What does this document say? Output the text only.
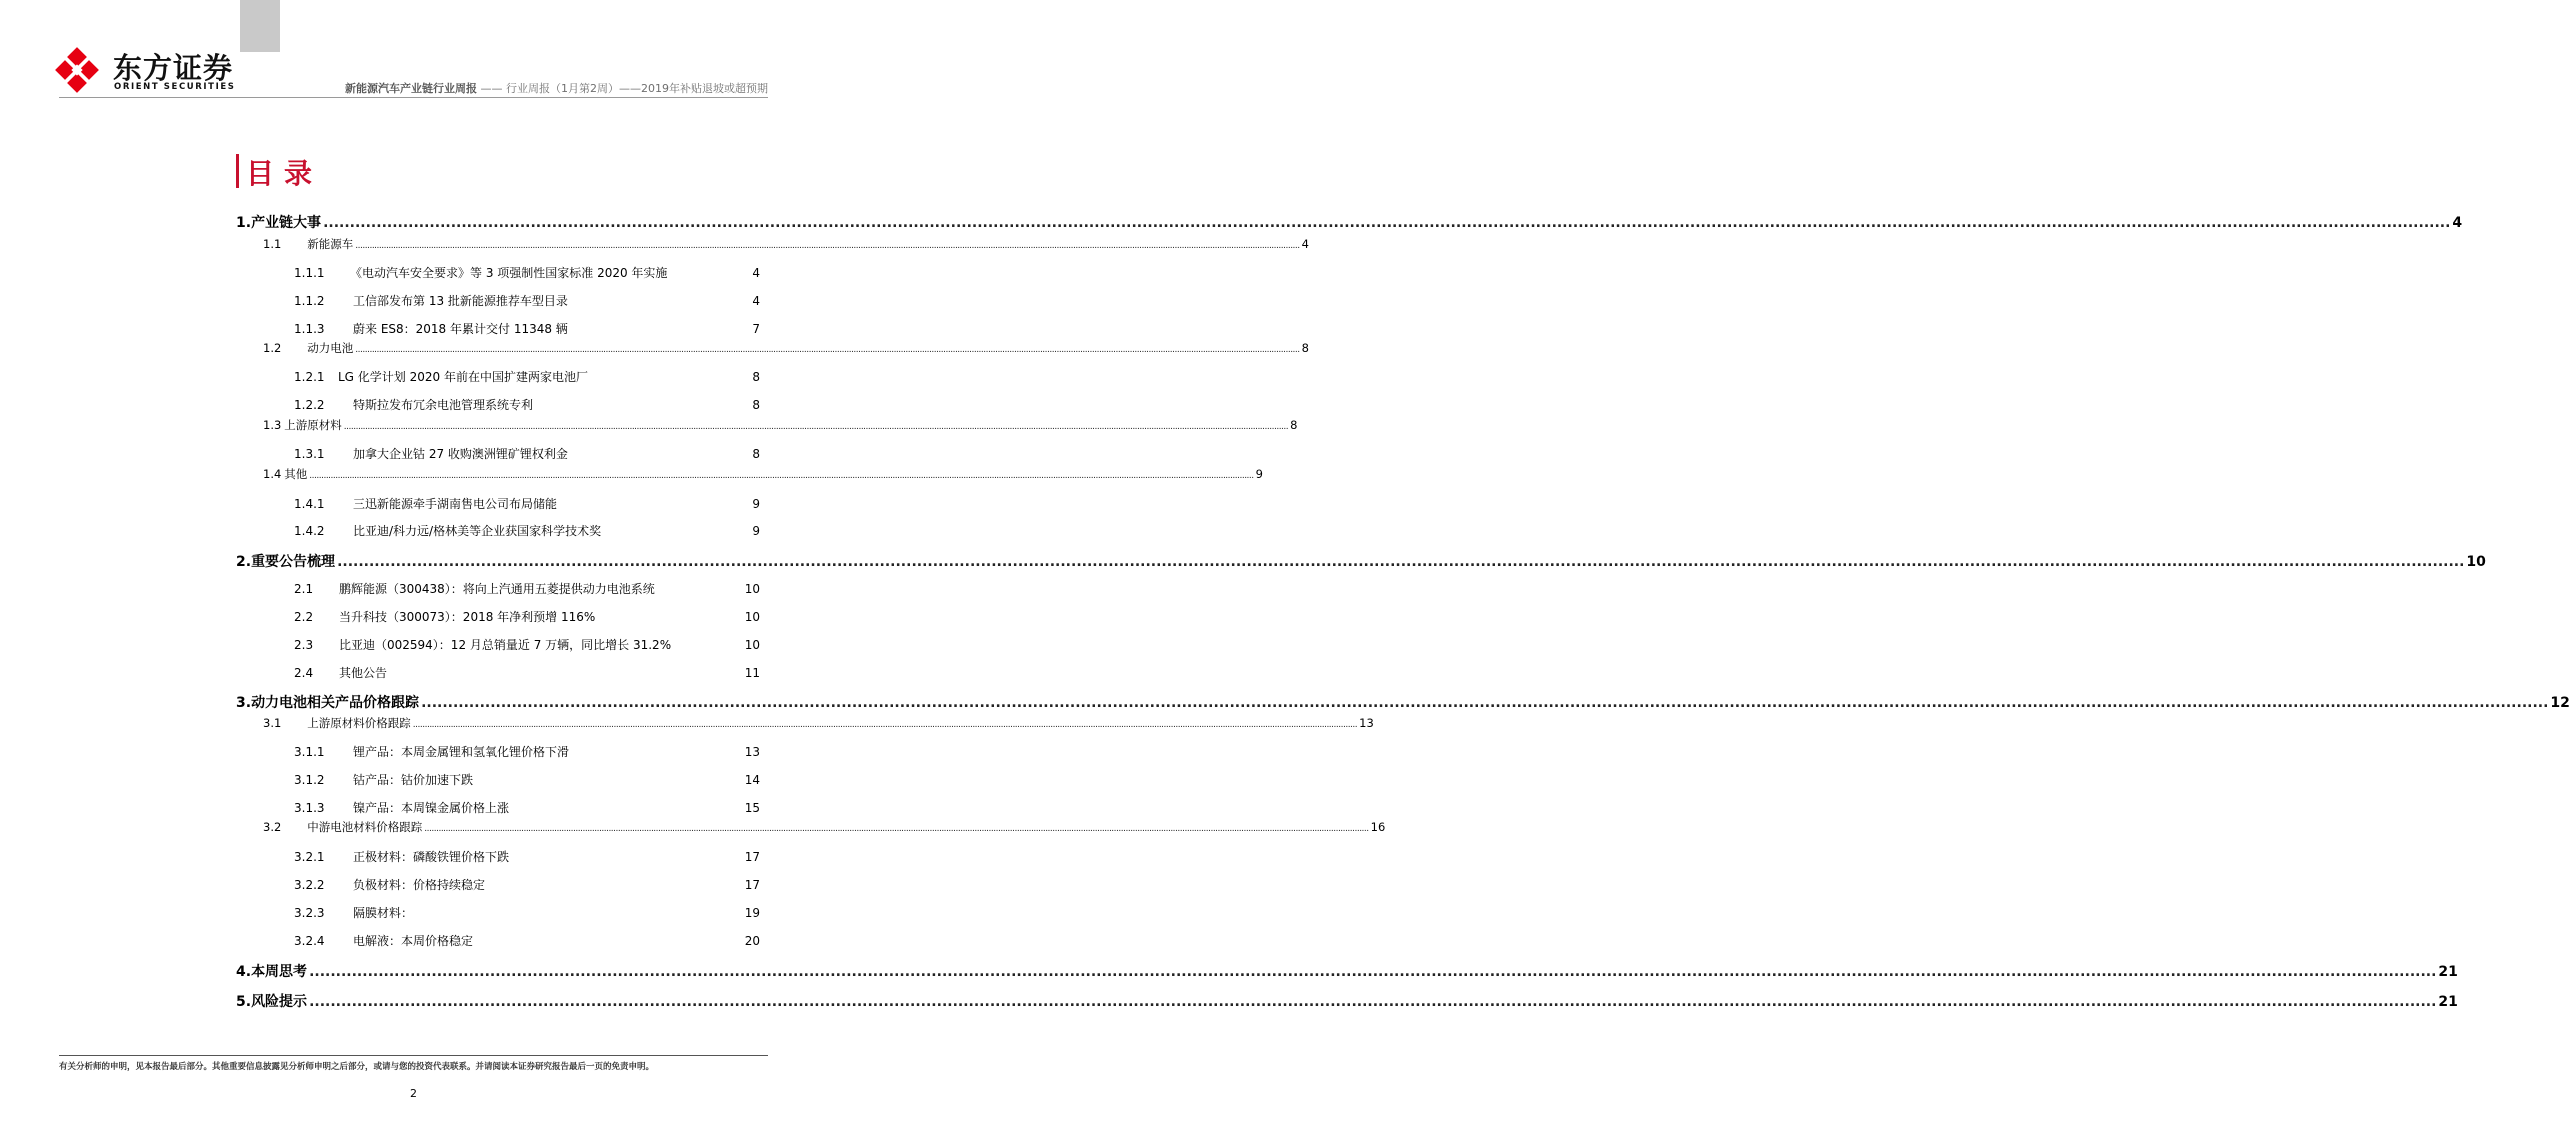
东方证券
ORIENT SECURITIES	新能源汽车产业链行业周报 —— 行业周报（1月第2周）——2019年补贴退坡或超预期
目录
1. 产业链大事 ................................................................................................................................................................................................................................................................................................................................................................................................................ 4
1.1 新能源车 ................................................................................................................................................................................................................................................................................................................................................................................................................ 4
1.1.1	《电动汽车安全要求》等 3 项强制性国家标准 2020 年实施	4
1.1.2	工信部发布第 13 批新能源推荐车型目录	4
1.1.3	蔚来 ES8：2018 年累计交付 11348 辆	7
1.2 动力电池 ................................................................................................................................................................................................................................................................................................................................................................................................................ 8
1.2.1	LG 化学计划 2020 年前在中国扩建两家电池厂	8
1.2.2	特斯拉发布冗余电池管理系统专利	8
1.3 上游原材料 ................................................................................................................................................................................................................................................................................................................................................................................................................ 8
1.3.1	加拿大企业钴 27 收购澳洲锂矿锂权利金	8
1.4 其他 ................................................................................................................................................................................................................................................................................................................................................................................................................ 9
1.4.1	三迅新能源牵手湖南售电公司布局储能	9
1.4.2	比亚迪/科力远/格林美等企业获国家科学技术奖	9
2. 重要公告梳理 ................................................................................................................................................................................................................................................................................................................................................................................................................ 10
2.1	鹏辉能源（300438）：将向上汽通用五菱提供动力电池系统	10
2.2	当升科技（300073）：2018 年净利预增 116%	10
2.3	比亚迪（002594）：12 月总销量近 7 万辆，同比增长 31.2%	10
2.4	其他公告	11
3. 动力电池相关产品价格跟踪 ................................................................................................................................................................................................................................................................................................................................................................................................................ 12
3.1 上游原材料价格跟踪 ................................................................................................................................................................................................................................................................................................................................................................................................................ 13
3.1.1	锂产品：本周金属锂和氢氧化锂价格下滑	13
3.1.2	钴产品：钴价加速下跌	14
3.1.3	镍产品：本周镍金属价格上涨	15
3.2 中游电池材料价格跟踪 ................................................................................................................................................................................................................................................................................................................................................................................................................ 16
3.2.1	正极材料：磷酸铁锂价格下跌	17
3.2.2	负极材料：价格持续稳定	17
3.2.3	隔膜材料：	19
3.2.4	电解液：本周价格稳定	20
4. 本周思考 ................................................................................................................................................................................................................................................................................................................................................................................................................ 21
5. 风险提示 ................................................................................................................................................................................................................................................................................................................................................................................................................ 21
有关分析师的申明，见本报告最后部分。其他重要信息披露见分析师申明之后部分，或请与您的投资代表联系。并请阅读本证券研究报告最后一页的免责申明。
2
